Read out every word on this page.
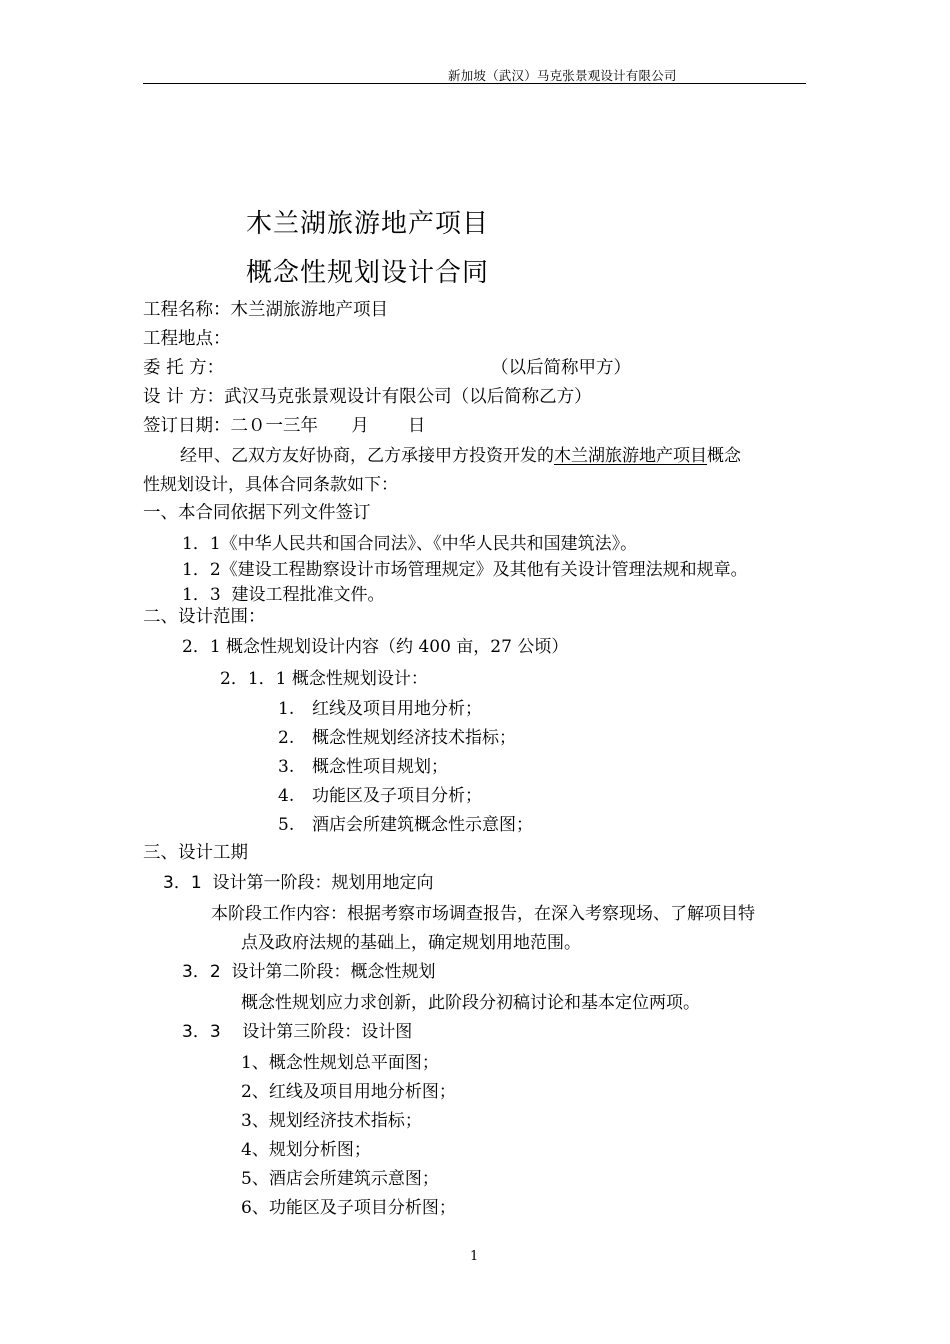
新加坡（武汉）马克张景观设计有限公司
木兰湖旅游地产项目
概念性规划设计合同
工程名称：木兰湖旅游地产项目
工程地点：
委 托 方：	（以后简称甲方）
设 计 方：武汉马克张景观设计有限公司（以后简称乙方）
签订日期：二０一三年      月       日
经甲、乙双方友好协商，乙方承接甲方投资开发的木兰湖旅游地产项目概念
性规划设计，具体合同条款如下：
一、本合同依据下列文件签订
1．1《中华人民共和国合同法》、《中华人民共和国建筑法》。
1．2《建设工程勘察设计市场管理规定》及其他有关设计管理法规和规章。
1．3  建设工程批准文件。
二、设计范围：
2．1 概念性规划设计内容（约 400 亩，27 公顷）
2．1．1 概念性规划设计：
1. 红线及项目用地分析；
2. 概念性规划经济技术指标；
3. 概念性项目规划；
4. 功能区及子项目分析；
5. 酒店会所建筑概念性示意图；
三、设计工期
3．1  设计第一阶段：规划用地定向
本阶段工作内容：根据考察市场调查报告，在深入考察现场、了解项目特
点及政府法规的基础上，确定规划用地范围。
3．2  设计第二阶段：概念性规划
概念性规划应力求创新，此阶段分初稿讨论和基本定位两项。
3．3    设计第三阶段：设计图
1、概念性规划总平面图；
2、红线及项目用地分析图；
3、规划经济技术指标；
4、规划分析图；
5、酒店会所建筑示意图；
6、功能区及子项目分析图；
1
